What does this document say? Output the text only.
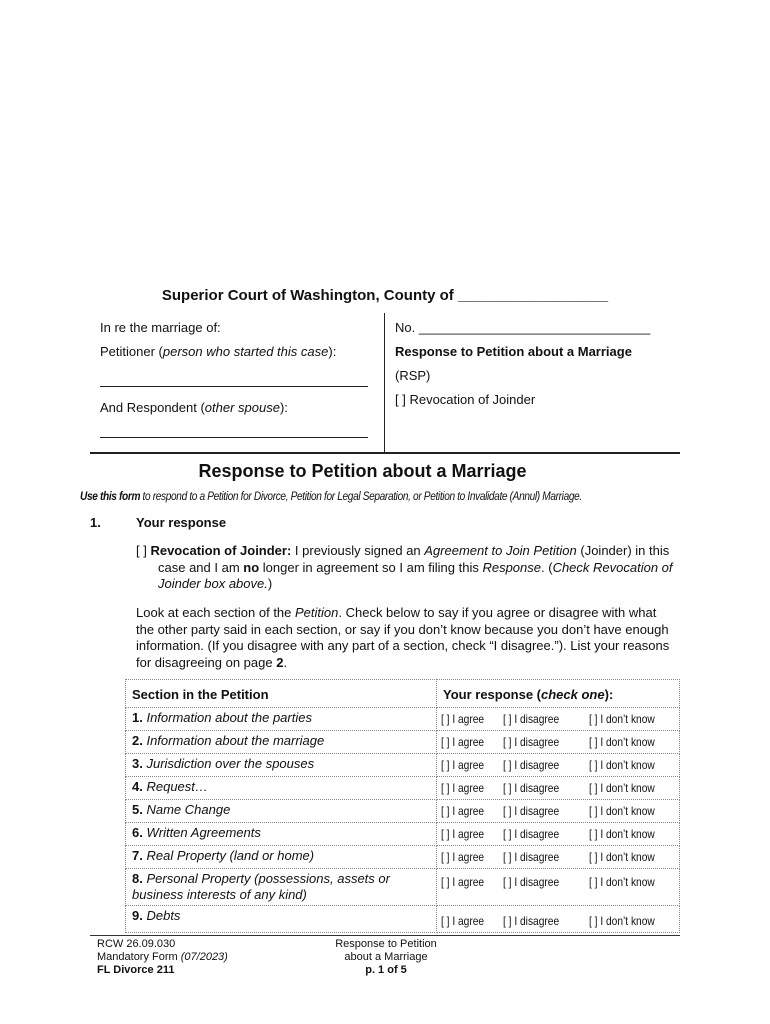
Superior Court of Washington, County of __________________
In re the marriage of:
Petitioner (person who started this case):
And Respondent (other spouse):
No. ________________________________
Response to Petition about a Marriage
(RSP)
[ ] Revocation of Joinder
Response to Petition about a Marriage
Use this form to respond to a Petition for Divorce, Petition for Legal Separation, or Petition to Invalidate (Annul) Marriage.
1.	Your response
[ ] Revocation of Joinder: I previously signed an Agreement to Join Petition (Joinder) in this case and I am no longer in agreement so I am filing this Response. (Check Revocation of Joinder box above.)
Look at each section of the Petition. Check below to say if you agree or disagree with what the other party said in each section, or say if you don’t know because you don’t have enough information. (If you disagree with any part of a section, check “I disagree.”). List your reasons for disagreeing on page 2.
Section in the Petition	Your response (check one):
1. Information about the parties	[ ] I agree [ ] I disagree [ ] I don’t know
2. Information about the marriage	[ ] I agree [ ] I disagree [ ] I don’t know
3. Jurisdiction over the spouses	[ ] I agree [ ] I disagree [ ] I don’t know
4. Request…	[ ] I agree [ ] I disagree [ ] I don’t know
5. Name Change	[ ] I agree [ ] I disagree [ ] I don’t know
6. Written Agreements	[ ] I agree [ ] I disagree [ ] I don’t know
7. Real Property (land or home)	[ ] I agree [ ] I disagree [ ] I don’t know
8. Personal Property (possessions, assets or business interests of any kind)	[ ] I agree [ ] I disagree [ ] I don’t know
9. Debts	[ ] I agree [ ] I disagree [ ] I don’t know
RCW 26.09.030
Mandatory Form (07/2023)
FL Divorce 211
Response to Petition
about a Marriage
p. 1 of 5
